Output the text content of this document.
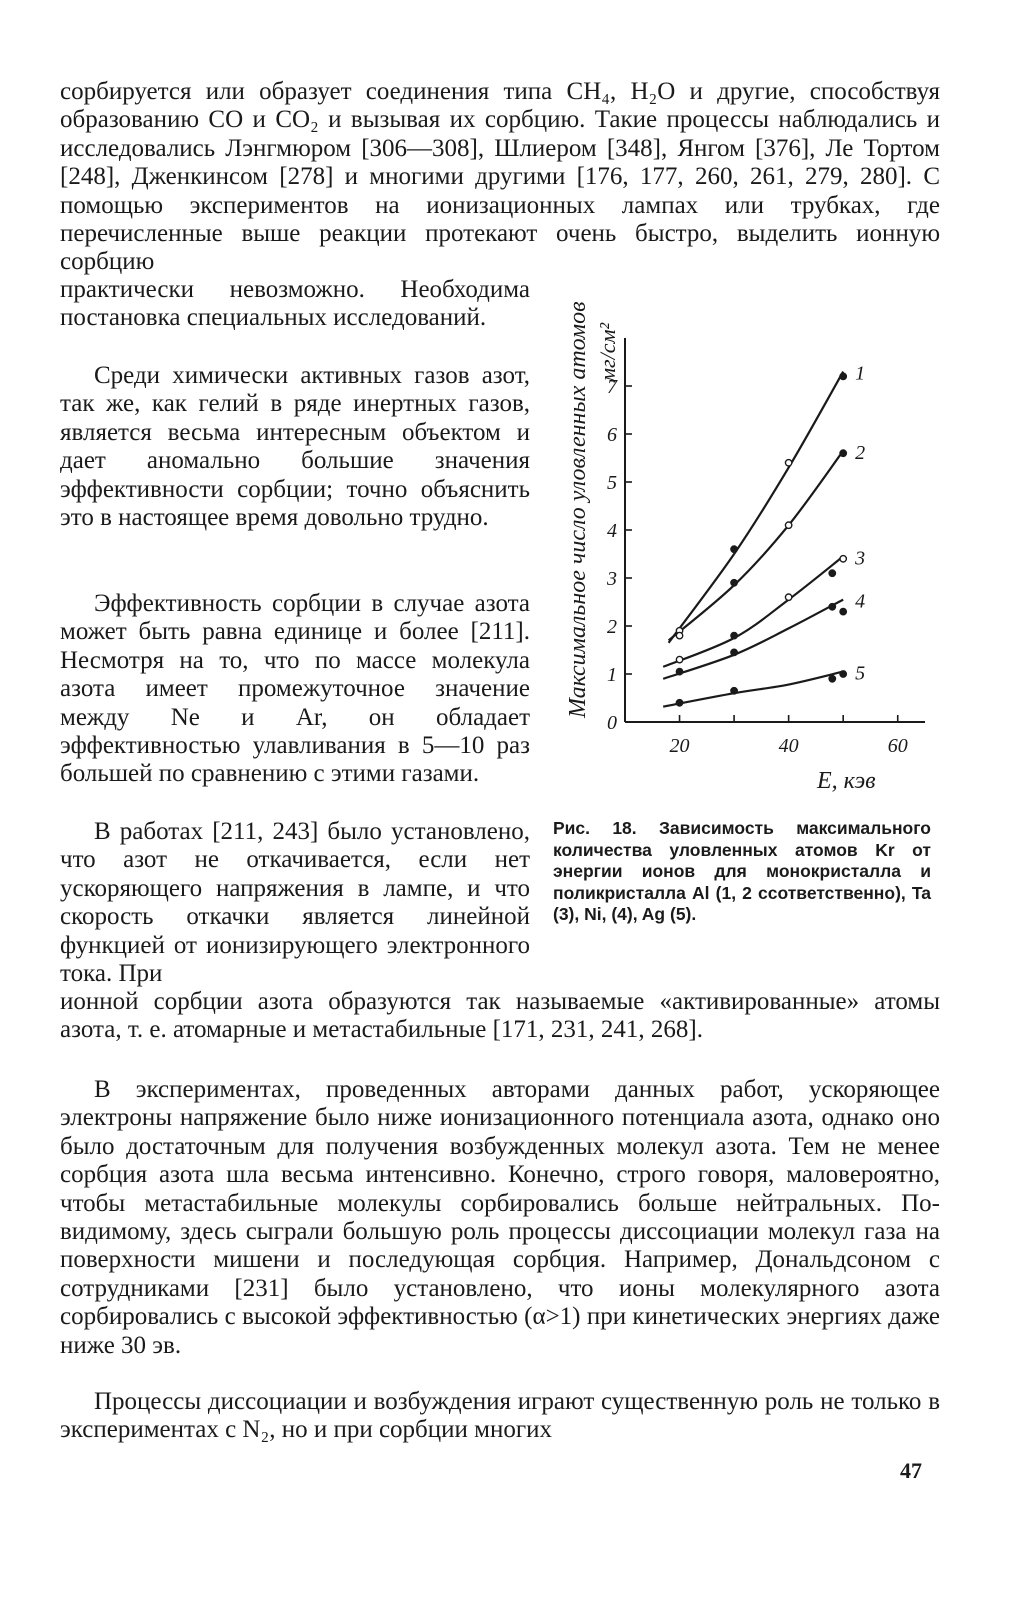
сорбируется или образует соединения типа CH₄, H₂O и другие, способствуя образованию CO и CO₂ и вызывая их сорбцию. Такие процессы наблюдались и исследовались Лэнгмюром [306—308], Шлиером [348], Янгом [376], Ле Тортом [248], Дженкинсом [278] и многими другими [176, 177, 260, 261, 279, 280]. С помощью экспериментов на ионизационных лампах или трубках, где перечисленные выше реакции протекают очень быстро, выделить ионную сорбцию

практически невозможно. Необходима постановка специальных исследований.

Среди химически активных газов азот, так же, как гелий в ряде инертных газов, является весьма интересным объектом и дает аномально большие значения эффективности сорбции; точно объяснить это в настоящее время довольно трудно.

Эффективность сорбции в случае азота может быть равна единице и более [211]. Несмотря на то, что по массе молекула азота имеет промежуточное значение между Ne и Ar, он обладает эффективностью улавливания в 5—10 раз большей по сравнению с этими газами.

В работах [211, 243] было установлено, что азот не откачивается, если нет ускоряющего напряжения в лампе, и что скорость откачки является линейной функцией от ионизирующего электронного тока. При

ионной сорбции азота образуются так называемые «активированные» атомы азота, т. е. атомарные и метастабильные [171, 231, 241, 268].

В экспериментах, проведенных авторами данных работ, ускоряющее электроны напряжение было ниже ионизационного потенциала азота, однако оно было достаточным для получения возбужденных молекул азота. Тем не менее сорбция азота шла весьма интенсивно. Конечно, строго говоря, маловероятно, чтобы метастабильные молекулы сорбировались больше нейтральных. По-видимому, здесь сыграли большую роль процессы диссоциации молекул газа на поверхности мишени и последующая сорбция. Например, Дональдсоном с сотрудниками [231] было установлено, что ионы молекулярного азота сорбировались с высокой эффективностью (α>1) при кинетических энергиях даже ниже 30 эв.

Процессы диссоциации и возбуждения играют существенную роль не только в экспериментах с N₂, но и при сорбции многих

0
1
2
3
4
5
6
7
20	40	60
1
2
3
4
5
Максимальное число уловленных атомов мг/см²
E, кэв

Рис. 18. Зависимость максимального количества уловленных атомов Kr от энергии ионов для монокристалла и поликристалла Al (1, 2 ссответственно), Ta (3), Ni, (4), Ag (5).

47
